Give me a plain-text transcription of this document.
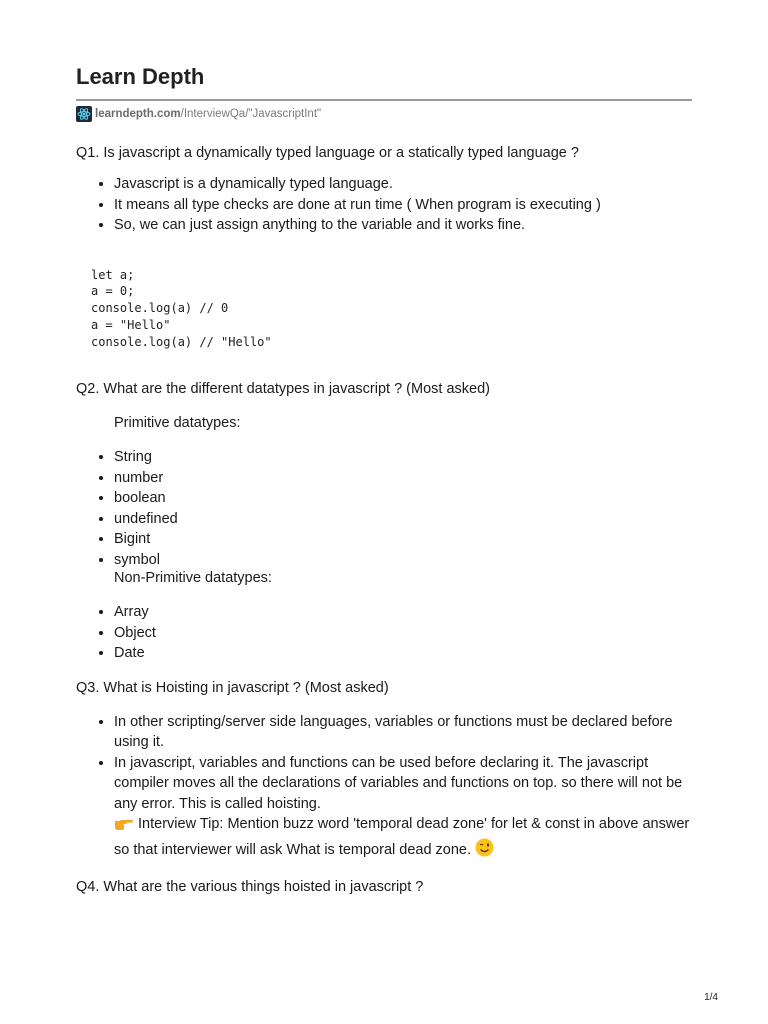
Learn Depth
learndepth.com /InterviewQa/"JavascriptInt"

Q1. Is javascript a dynamically typed language or a statically typed language ?

• Javascript is a dynamically typed language.
• It means all type checks are done at run time ( When program is executing )
• So, we can just assign anything to the variable and it works fine.
let a;
a = 0;
console.log(a) // 0
a = "Hello"
console.log(a) // "Hello"

Q2. What are the different datatypes in javascript ? (Most asked)

Primitive datatypes:

• String
• number
• boolean
• undefined
• Bigint
• symbol

Non-Primitive datatypes:

• Array
• Object
• Date

Q3. What is Hoisting in javascript ? (Most asked)

• In other scripting/server side languages, variables or functions must be declared before using it.
• In javascript, variables and functions can be used before declaring it. The javascript compiler moves all the declarations of variables and functions on top. so there will not be any error. This is called hoisting.
Interview Tip: Mention buzz word 'temporal dead zone' for let & const in above answer so that interviewer will ask What is temporal dead zone.

Q4. What are the various things hoisted in javascript ?

1/4
